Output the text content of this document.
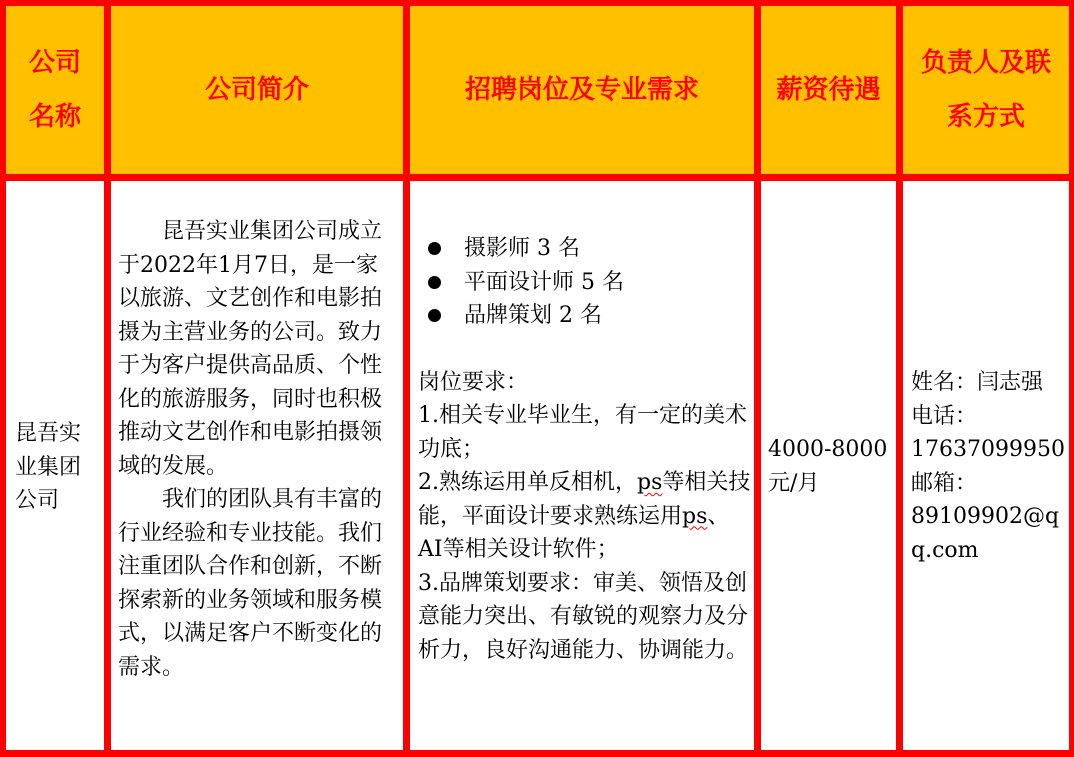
公司名称
公司简介	招聘岗位及专业需求	薪资待遇
负责人及联系方式
昆吾实业集团公司

昆吾实业集团公司成立于2022年1月7日，是一家以旅游、文艺创作和电影拍摄为主营业务的公司。致力于为客户提供高品质、个性化的旅游服务，同时也积极推动文艺创作和电影拍摄领域的发展。

我们的团队具有丰富的行业经验和专业技能。我们注重团队合作和创新，不断探索新的业务领域和服务模式，以满足客户不断变化的需求。

摄影师 3 名
平面设计师 5 名
品牌策划 2 名

岗位要求：

1.相关专业毕业生，有一定的美术功底；

2.熟练运用单反相机，ps等相关技能，平面设计要求熟练运用ps、AI等相关设计软件；

3.品牌策划要求：审美、领悟及创意能力突出、有敏锐的观察力及分析力，良好沟通能力、协调能力。

4000-8000元/月
姓名：闫志强
电话：
17637099950
邮箱：
89109902@qq.com
